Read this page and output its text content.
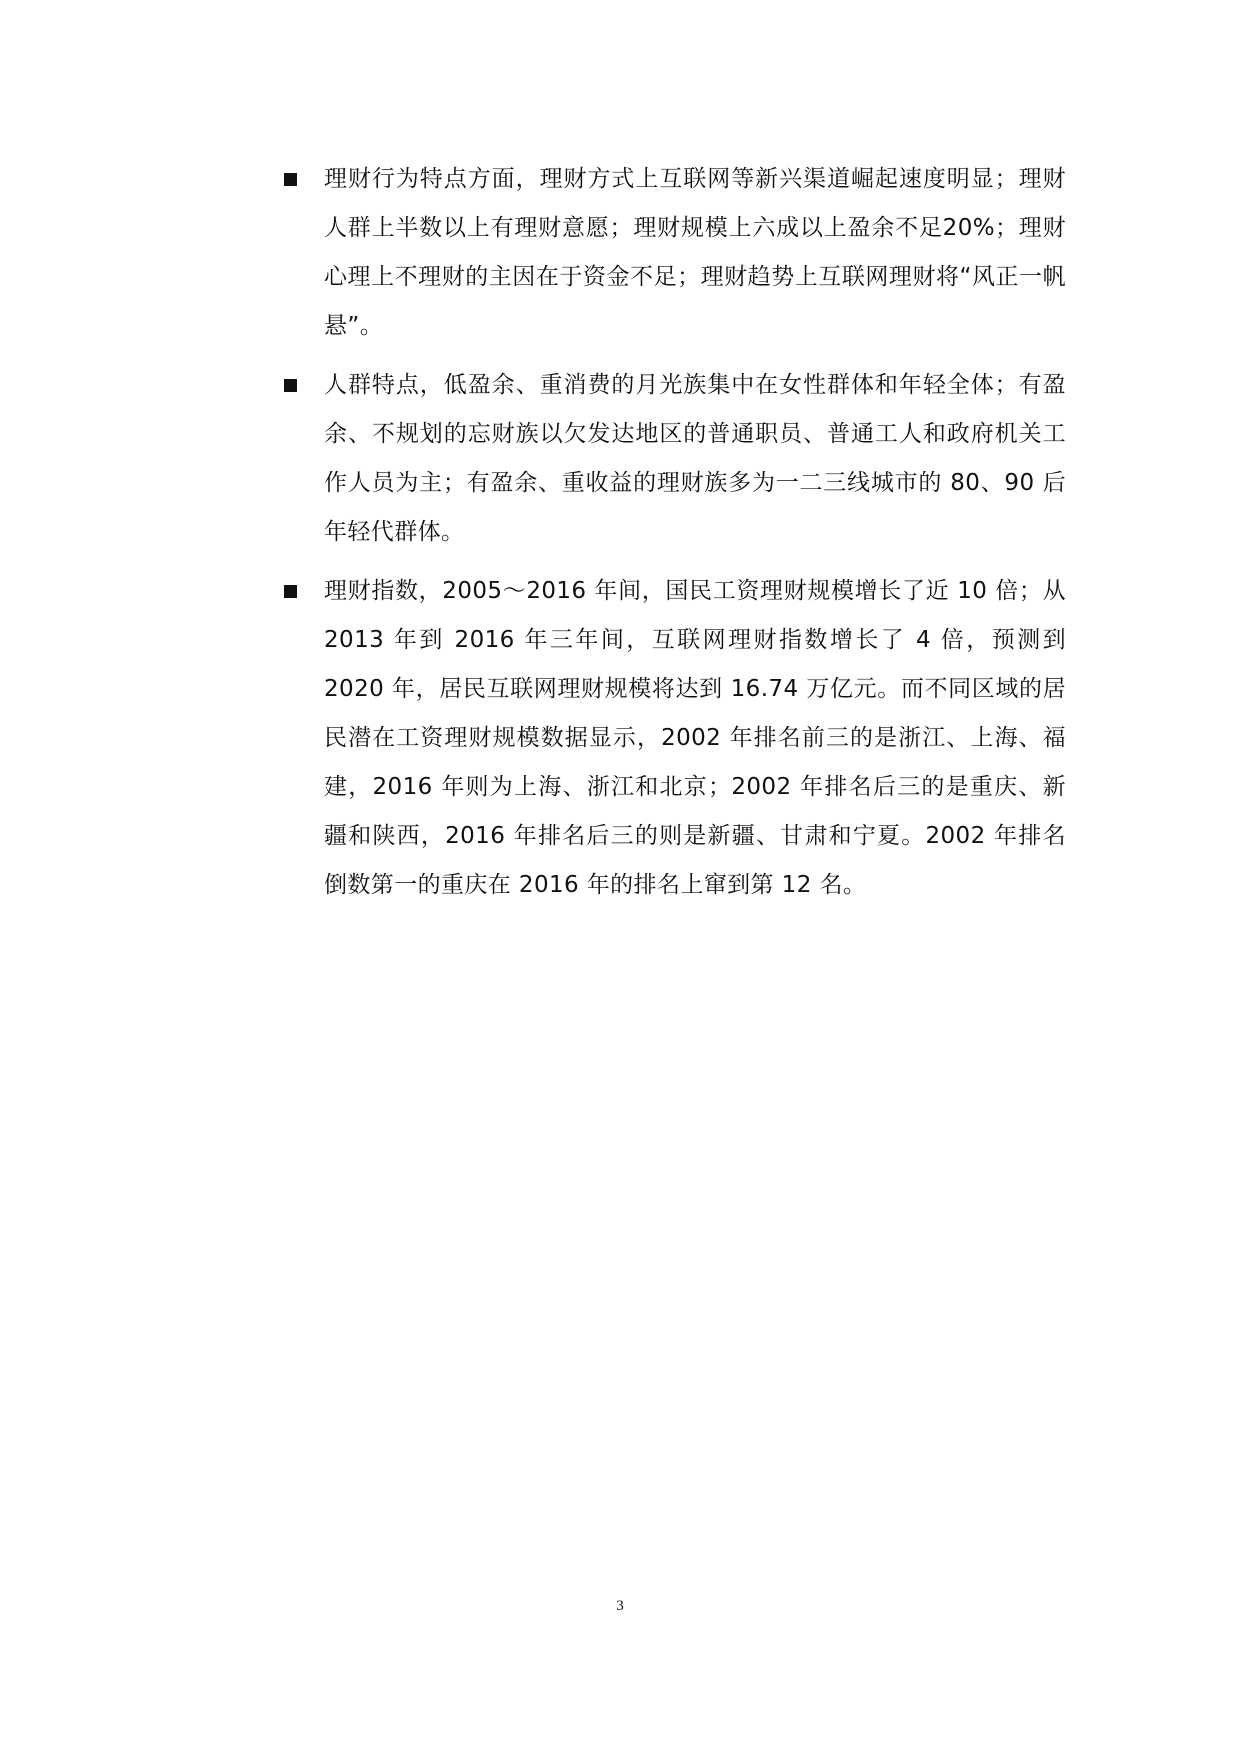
理财行为特点方面，理财方式上互联网等新兴渠道崛起速度明显；理财人群上半数以上有理财意愿；理财规模上六成以上盈余不足20%；理财心理上不理财的主因在于资金不足；理财趋势上互联网理财将“风正一帆悬”。
人群特点，低盈余、重消费的月光族集中在女性群体和年轻全体；有盈余、不规划的忘财族以欠发达地区的普通职员、普通工人和政府机关工作人员为主；有盈余、重收益的理财族多为一二三线城市的 80、90 后年轻代群体。
理财指数，2005～2016 年间，国民工资理财规模增长了近 10 倍；从 2013 年到 2016 年三年间，互联网理财指数增长了 4 倍，预测到2020 年，居民互联网理财规模将达到 16.74 万亿元。而不同区域的居民潜在工资理财规模数据显示，2002 年排名前三的是浙江、上海、福建，2016 年则为上海、浙江和北京；2002 年排名后三的是重庆、新疆和陕西，2016 年排名后三的则是新疆、甘肃和宁夏。2002 年排名倒数第一的重庆在 2016 年的排名上窜到第 12 名。
3
